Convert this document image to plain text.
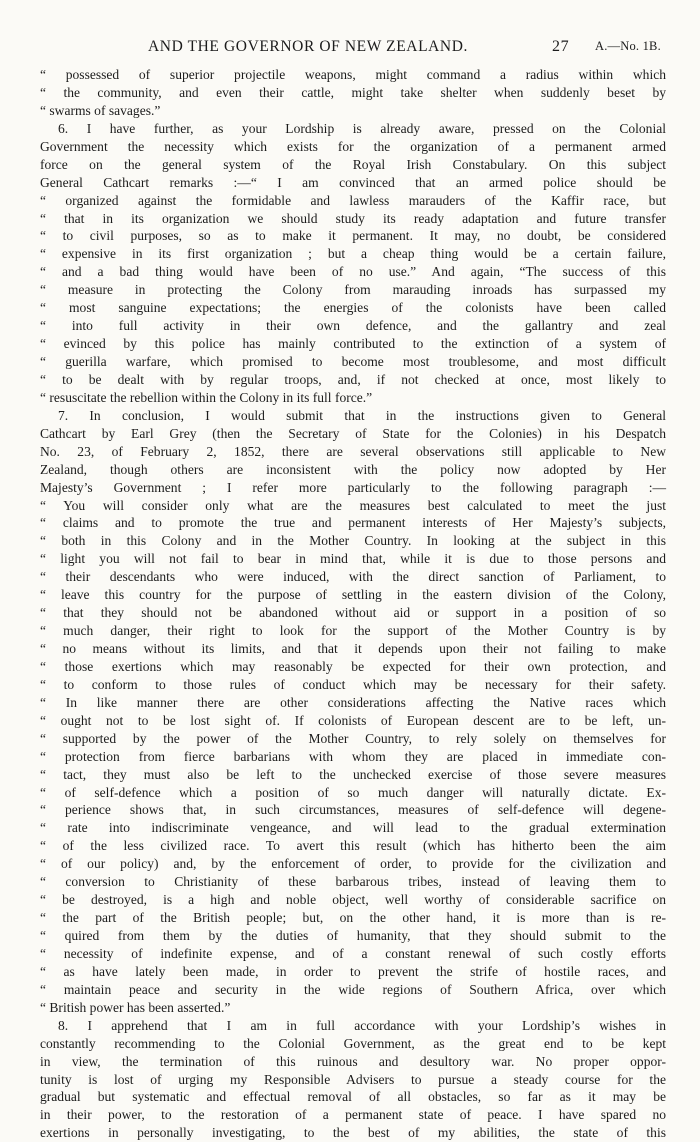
AND THE GOVERNOR OF NEW ZEALAND.	27 A.—No. 1B.
“ possessed of superior projectile weapons, might command a radius within which
“ the community, and even their cattle, might take shelter when suddenly beset by
“ swarms of savages.”
6. I have further, as your Lordship is already aware, pressed on the Colonial
Government the necessity which exists for the organization of a permanent armed
force on the general system of the Royal Irish Constabulary. On this subject
General Cathcart remarks :—“ I am convinced that an armed police should be
“ organized against the formidable and lawless marauders of the Kaffir race, but
“ that in its organization we should study its ready adaptation and future transfer
“ to civil purposes, so as to make it permanent. It may, no doubt, be considered
“ expensive in its first organization ; but a cheap thing would be a certain failure,
“ and a bad thing would have been of no use.” And again, “The success of this
“ measure in protecting the Colony from marauding inroads has surpassed my
“ most sanguine expectations; the energies of the colonists have been called
“ into full activity in their own defence, and the gallantry and zeal
“ evinced by this police has mainly contributed to the extinction of a system of
“ guerilla warfare, which promised to become most troublesome, and most difficult
“ to be dealt with by regular troops, and, if not checked at once, most likely to
“ resuscitate the rebellion within the Colony in its full force.”
7. In conclusion, I would submit that in the instructions given to General
Cathcart by Earl Grey (then the Secretary of State for the Colonies) in his Despatch
No. 23, of February 2, 1852, there are several observations still applicable to New
Zealand, though others are inconsistent with the policy now adopted by Her
Majesty’s Government ; I refer more particularly to the following paragraph :—
“ You will consider only what are the measures best calculated to meet the just
“ claims and to promote the true and permanent interests of Her Majesty’s subjects,
“ both in this Colony and in the Mother Country. In looking at the subject in this
“ light you will not fail to bear in mind that, while it is due to those persons and
“ their descendants who were induced, with the direct sanction of Parliament, to
“ leave this country for the purpose of settling in the eastern division of the Colony,
“ that they should not be abandoned without aid or support in a position of so
“ much danger, their right to look for the support of the Mother Country is by
“ no means without its limits, and that it depends upon their not failing to make
“ those exertions which may reasonably be expected for their own protection, and
“ to conform to those rules of conduct which may be necessary for their safety.
“ In like manner there are other considerations affecting the Native races which
“ ought not to be lost sight of. If colonists of European descent are to be left, un-
“ supported by the power of the Mother Country, to rely solely on themselves for
“ protection from fierce barbarians with whom they are placed in immediate con-
“ tact, they must also be left to the unchecked exercise of those severe measures
“ of self-defence which a position of so much danger will naturally dictate. Ex-
“ perience shows that, in such circumstances, measures of self-defence will degene-
“ rate into indiscriminate vengeance, and will lead to the gradual extermination
“ of the less civilized race. To avert this result (which has hitherto been the aim
“ of our policy) and, by the enforcement of order, to provide for the civilization and
“ conversion to Christianity of these barbarous tribes, instead of leaving them to
“ be destroyed, is a high and noble object, well worthy of considerable sacrifice on
“ the part of the British people; but, on the other hand, it is more than is re-
“ quired from them by the duties of humanity, that they should submit to the
“ necessity of indefinite expense, and of a constant renewal of such costly efforts
“ as have lately been made, in order to prevent the strife of hostile races, and
“ maintain peace and security in the wide regions of Southern Africa, over which
“ British power has been asserted.”
8. I apprehend that I am in full accordance with your Lordship’s wishes in
constantly recommending to the Colonial Government, as the great end to be kept
in view, the termination of this ruinous and desultory war. No proper oppor-
tunity is lost of urging my Responsible Advisers to pursue a steady course for the
gradual but systematic and effectual removal of all obstacles, so far as it may be
in their power, to the restoration of a permanent state of peace. I have spared no
exertions in personally investigating, to the best of my abilities, the state of this
